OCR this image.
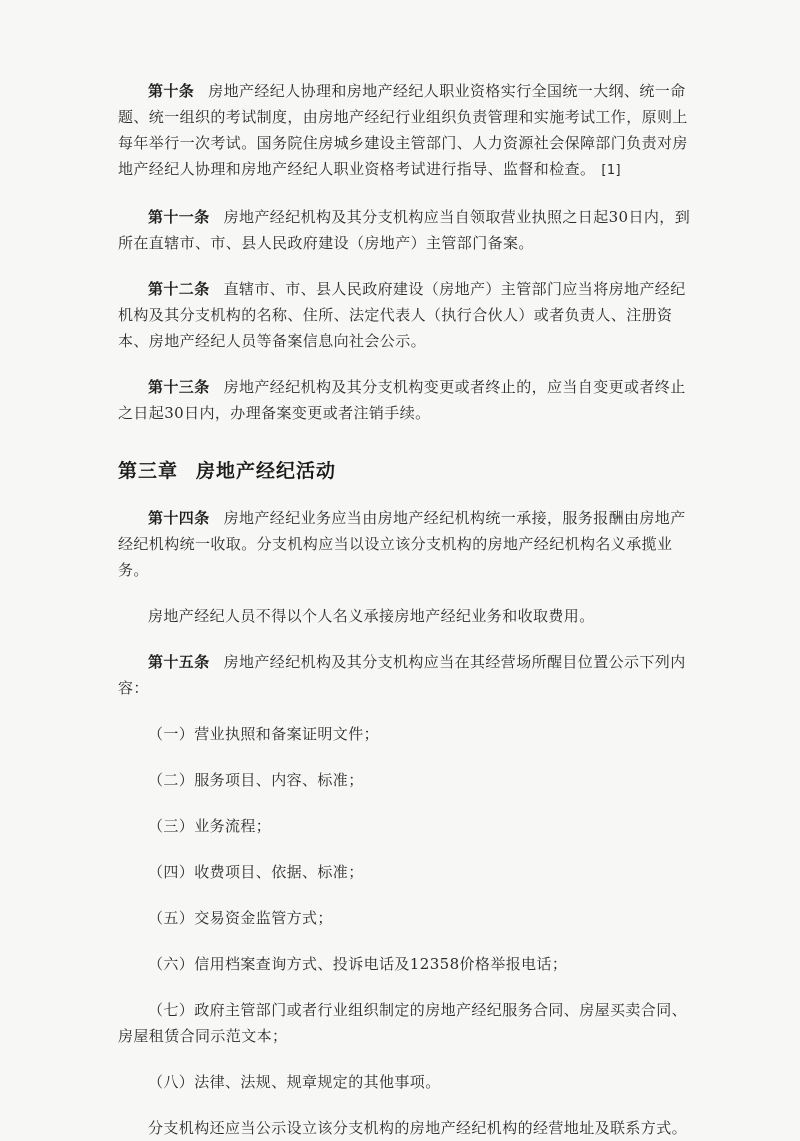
第十条 房地产经纪人协理和房地产经纪人职业资格实行全国统一大纲、统一命题、统一组织的考试制度，由房地产经纪行业组织负责管理和实施考试工作，原则上每年举行一次考试。国务院住房城乡建设主管部门、人力资源社会保障部门负责对房地产经纪人协理和房地产经纪人职业资格考试进行指导、监督和检查。 [1]

第十一条 房地产经纪机构及其分支机构应当自领取营业执照之日起30日内，到所在直辖市、市、县人民政府建设（房地产）主管部门备案。

第十二条 直辖市、市、县人民政府建设（房地产）主管部门应当将房地产经纪机构及其分支机构的名称、住所、法定代表人（执行合伙人）或者负责人、注册资本、房地产经纪人员等备案信息向社会公示。

第十三条 房地产经纪机构及其分支机构变更或者终止的，应当自变更或者终止之日起30日内，办理备案变更或者注销手续。

第三章 房地产经纪活动

第十四条 房地产经纪业务应当由房地产经纪机构统一承接，服务报酬由房地产经纪机构统一收取。分支机构应当以设立该分支机构的房地产经纪机构名义承揽业务。

房地产经纪人员不得以个人名义承接房地产经纪业务和收取费用。

第十五条 房地产经纪机构及其分支机构应当在其经营场所醒目位置公示下列内容：

（一）营业执照和备案证明文件；

（二）服务项目、内容、标准；

（三）业务流程；

（四）收费项目、依据、标准；

（五）交易资金监管方式；

（六）信用档案查询方式、投诉电话及12358价格举报电话；

（七）政府主管部门或者行业组织制定的房地产经纪服务合同、房屋买卖合同、房屋租赁合同示范文本；

（八）法律、法规、规章规定的其他事项。

分支机构还应当公示设立该分支机构的房地产经纪机构的经营地址及联系方式。
